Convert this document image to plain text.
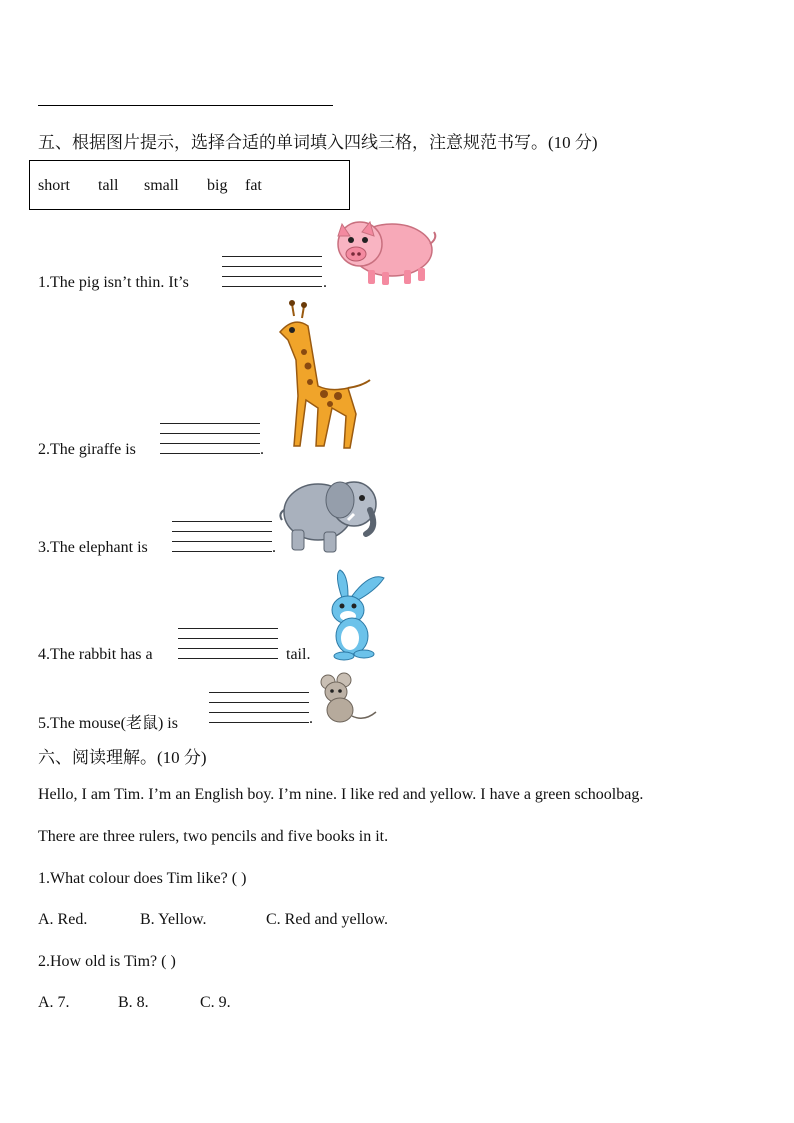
五、根据图片提示，选择合适的单词填入四线三格，注意规范书写。(10 分)
short tall small big fat
1.The pig isn’t thin. It’s	.
2.The giraffe is	.
3.The elephant is	.
4.The rabbit has a	tail.
5.The mouse(老鼠) is	.
六、阅读理解。(10 分)
Hello, I am Tim. I’m an English boy. I’m nine. I like red and yellow. I have a green schoolbag.
There are three rulers, two pencils and five books in it.
1.What colour does Tim like? ( )
A. Red.	B. Yellow.	C. Red and yellow.
2.How old is Tim? ( )
A. 7.	B. 8.	C. 9.
